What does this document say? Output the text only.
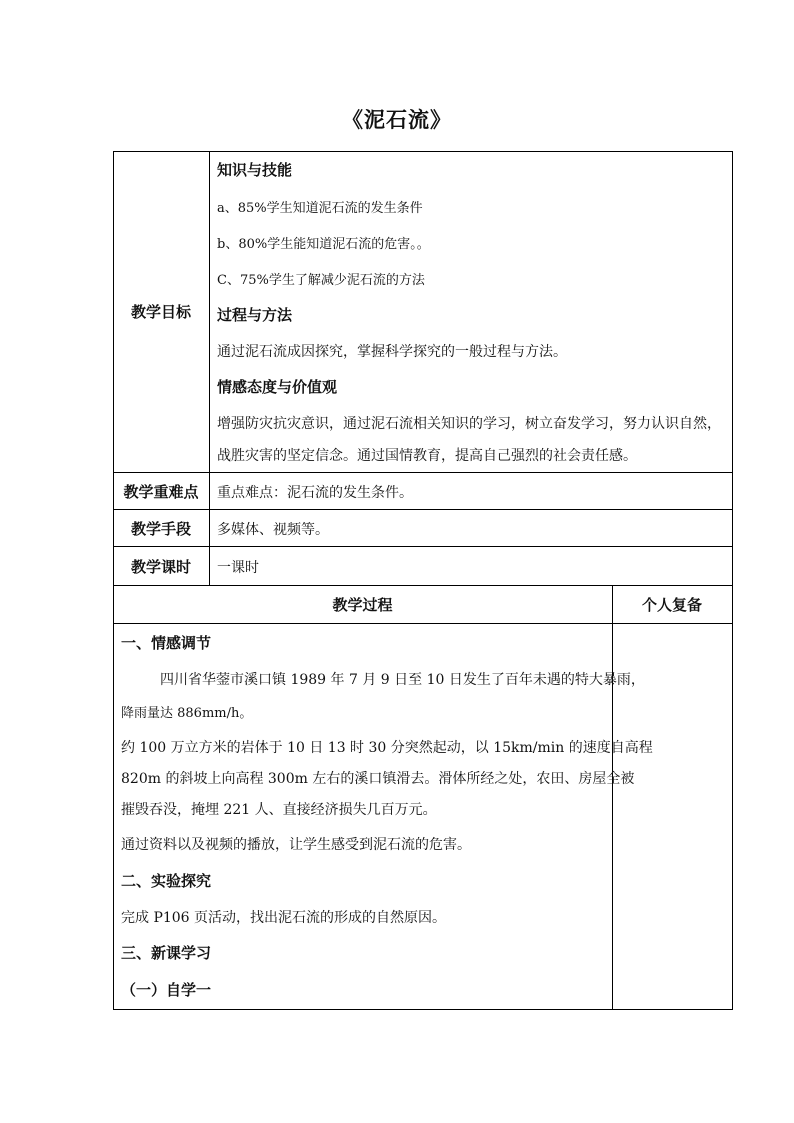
《泥石流》
教学目标
教学重难点
教学手段
教学课时
知识与技能
a、85%学生知道泥石流的发生条件
b、80%学生能知道泥石流的危害。。
C、75%学生了解减少泥石流的方法
过程与方法
通过泥石流成因探究，掌握科学探究的一般过程与方法。
情感态度与价值观
增强防灾抗灾意识，通过泥石流相关知识的学习，树立奋发学习，努力认识自然，
战胜灾害的坚定信念。通过国情教育，提高自己强烈的社会责任感。
重点难点：泥石流的发生条件。
多媒体、视频等。
一课时
教学过程	个人复备
一、情感调节
四川省华蓥市溪口镇 1989 年 7 月 9 日至 10 日发生了百年未遇的特大暴雨，
降雨量达 886mm/h。
约 100 万立方米的岩体于 10 日 13 时 30 分突然起动，以 15km/min 的速度自高程
820m 的斜坡上向高程 300m 左右的溪口镇滑去。滑体所经之处，农田、房屋全被
摧毁吞没，掩埋 221 人、直接经济损失几百万元。
通过资料以及视频的播放，让学生感受到泥石流的危害。
二、实验探究
完成 P106 页活动，找出泥石流的形成的自然原因。
三、新课学习
（一）自学一
